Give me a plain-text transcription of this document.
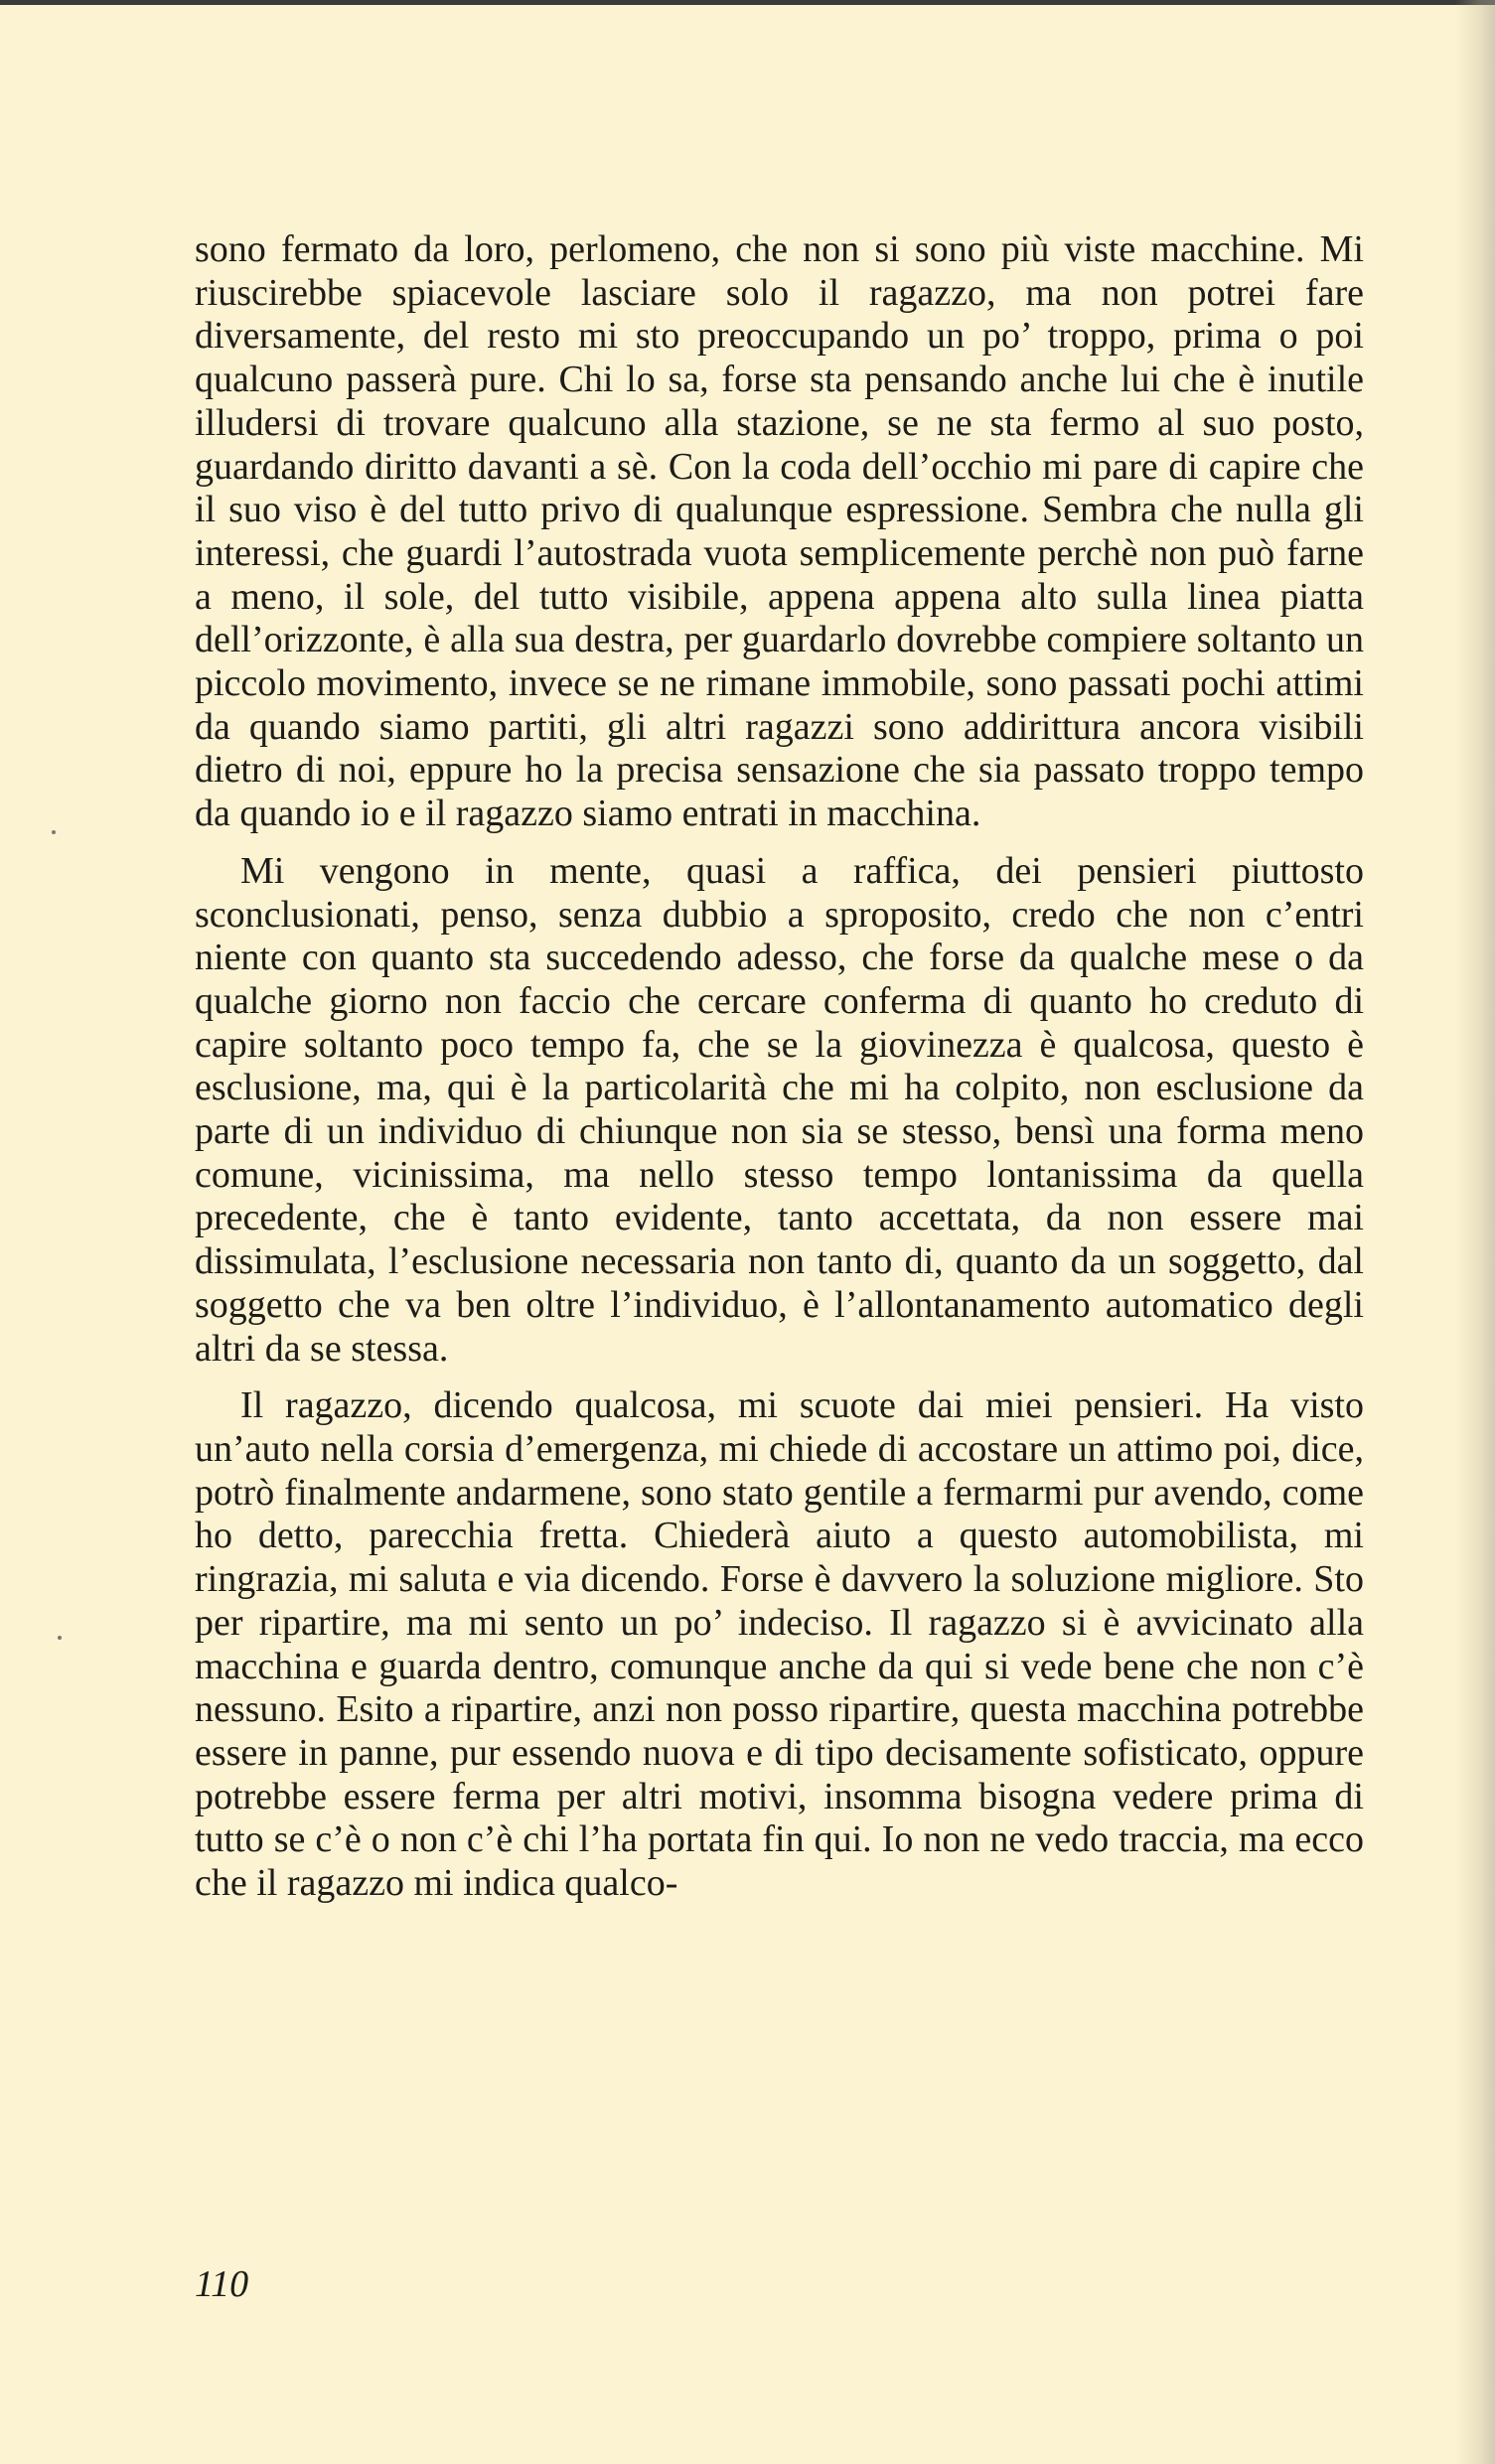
sono fermato da loro, perlomeno, che non si sono più viste macchine. Mi riuscirebbe spiacevole lasciare solo il ragazzo, ma non potrei fare diversamente, del resto mi sto preoccupando un po’ troppo, prima o poi qualcuno passerà pure. Chi lo sa, forse sta pensando anche lui che è inutile illudersi di trovare qualcuno alla stazione, se ne sta fermo al suo posto, guardando diritto davanti a sè. Con la coda dell’occhio mi pare di capire che il suo viso è del tutto privo di qualunque espressione. Sembra che nulla gli interessi, che guardi l’autostrada vuota semplicemente perchè non può farne a meno, il sole, del tutto visibile, appena appena alto sulla linea piatta dell’orizzonte, è alla sua destra, per guardarlo dovrebbe compiere soltanto un piccolo movimento, invece se ne rimane immobile, sono passati pochi attimi da quando siamo partiti, gli altri ragazzi sono addirittura ancora visibili dietro di noi, eppure ho la precisa sensazione che sia passato troppo tempo da quando io e il ragazzo siamo entrati in macchina.

Mi vengono in mente, quasi a raffica, dei pensieri piuttosto sconclusionati, penso, senza dubbio a sproposito, credo che non c’entri niente con quanto sta succedendo adesso, che forse da qualche mese o da qualche giorno non faccio che cercare conferma di quanto ho creduto di capire soltanto poco tempo fa, che se la giovinezza è qualcosa, questo è esclusione, ma, qui è la particolarità che mi ha colpito, non esclusione da parte di un individuo di chiunque non sia se stesso, bensì una forma meno comune, vicinissima, ma nello stesso tempo lontanissima da quella precedente, che è tanto evidente, tanto accettata, da non essere mai dissimulata, l’esclusione necessaria non tanto di, quanto da un soggetto, dal soggetto che va ben oltre l’individuo, è l’allontanamento automatico degli altri da se stessa.

Il ragazzo, dicendo qualcosa, mi scuote dai miei pensieri. Ha visto un’auto nella corsia d’emergenza, mi chiede di accostare un attimo poi, dice, potrò finalmente andarmene, sono stato gentile a fermarmi pur avendo, come ho detto, parecchia fretta. Chiederà aiuto a questo automobilista, mi ringrazia, mi saluta e via dicendo. Forse è davvero la soluzione migliore. Sto per ripartire, ma mi sento un po’ indeciso. Il ragazzo si è avvicinato alla macchina e guarda dentro, comunque anche da qui si vede bene che non c’è nessuno. Esito a ripartire, anzi non posso ripartire, questa macchina potrebbe essere in panne, pur essendo nuova e di tipo decisamente sofisticato, oppure potrebbe essere ferma per altri motivi, insomma bisogna vedere prima di tutto se c’è o non c’è chi l’ha portata fin qui. Io non ne vedo traccia, ma ecco che il ragazzo mi indica qualco-

110
